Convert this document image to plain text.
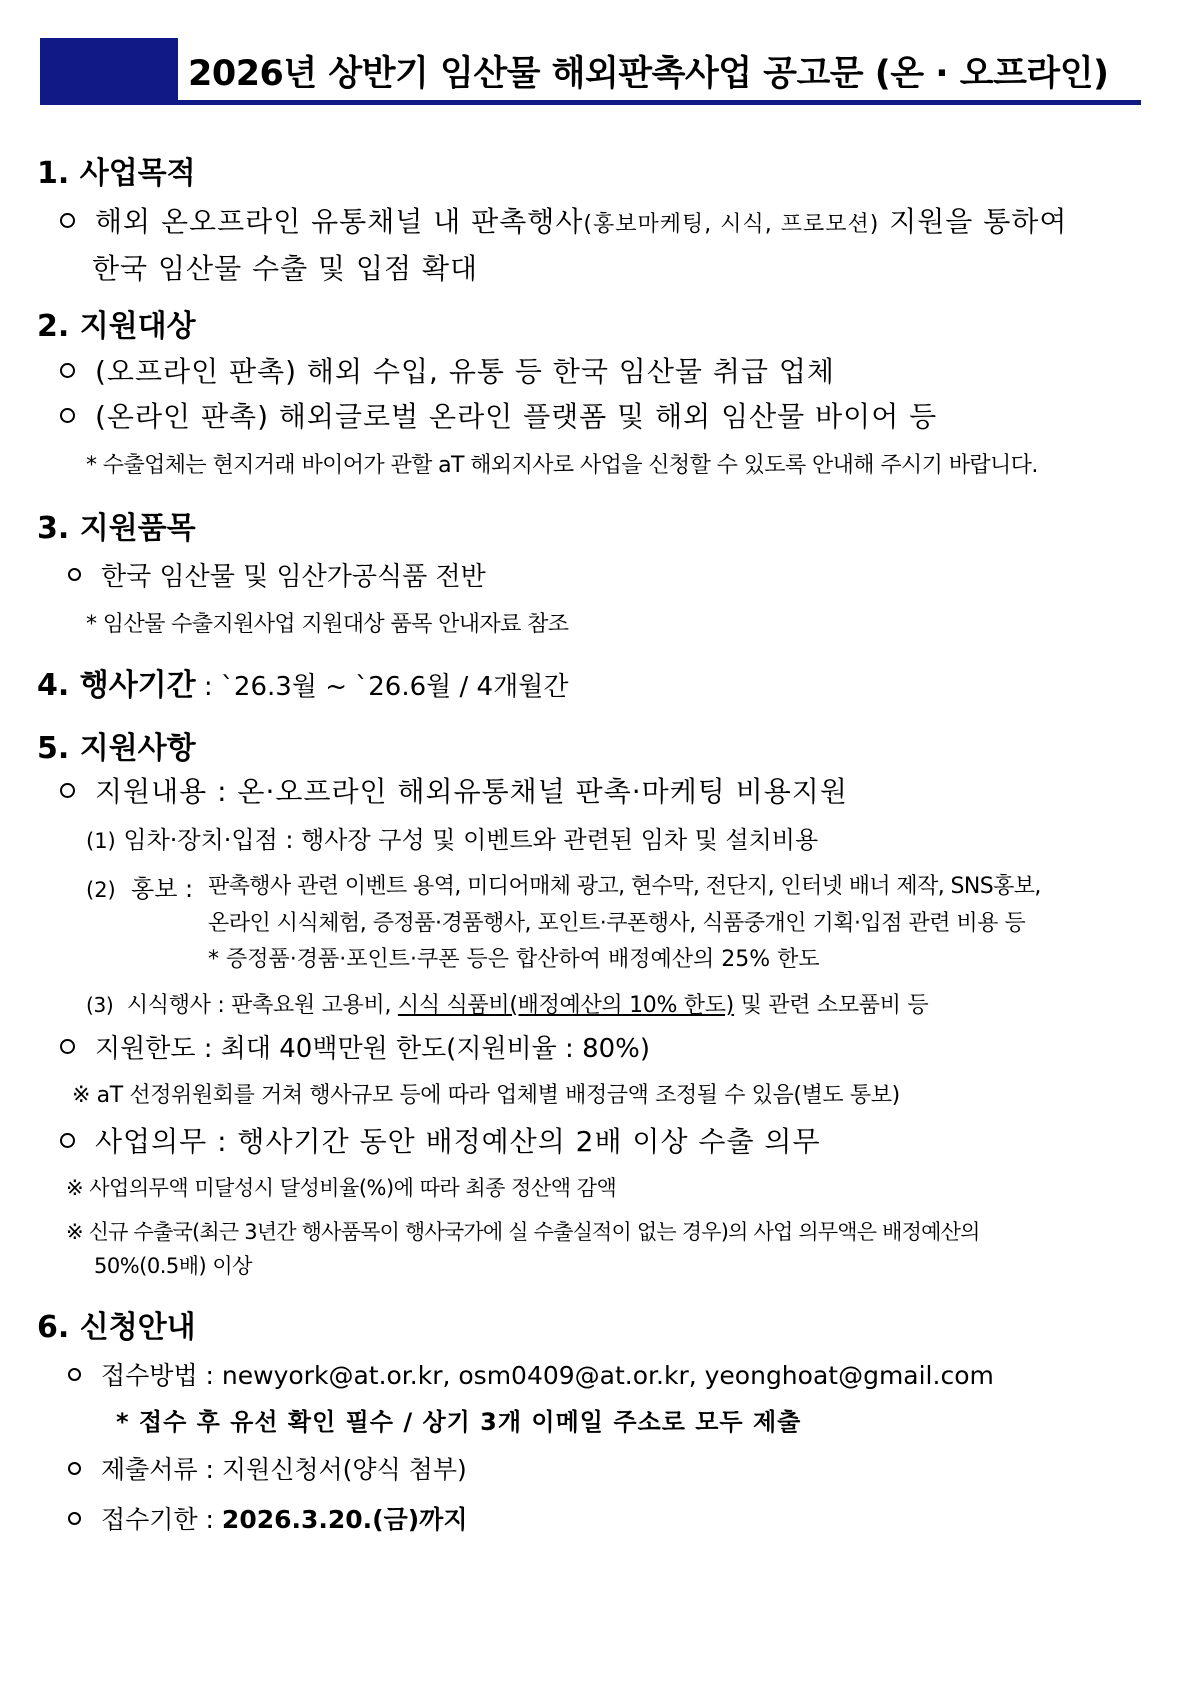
2026년 상반기 임산물 해외판촉사업 공고문 (온 · 오프라인)
1. 사업목적
해외 온오프라인 유통채널 내 판촉행사(홍보마케팅, 시식, 프로모션) 지원을 통하여
한국 임산물 수출 및 입점 확대
2. 지원대상
(오프라인 판촉) 해외 수입, 유통 등 한국 임산물 취급 업체
(온라인 판촉) 해외글로벌 온라인 플랫폼 및 해외 임산물 바이어 등
* 수출업체는 현지거래 바이어가 관할 aT 해외지사로 사업을 신청할 수 있도록 안내해 주시기 바랍니다.
3. 지원품목
한국 임산물 및 임산가공식품 전반
* 임산물 수출지원사업 지원대상 품목 안내자료 참조
4. 행사기간 : `26.3월 ~ `26.6월 / 4개월간
5. 지원사항
지원내용 : 온·오프라인 해외유통채널 판촉·마케팅 비용지원
(1) 임차·장치·입점 : 행사장 구성 및 이벤트와 관련된 임차 및 설치비용
(2) 홍보 : 판촉행사 관련 이벤트 용역, 미디어매체 광고, 현수막, 전단지, 인터넷 배너 제작, SNS홍보,
온라인 시식체험, 증정품·경품행사, 포인트·쿠폰행사, 식품중개인 기획·입점 관련 비용 등
* 증정품·경품·포인트·쿠폰 등은 합산하여 배정예산의 25% 한도
(3) 시식행사 : 판촉요원 고용비, 시식 식품비(배정예산의 10% 한도) 및 관련 소모품비 등
지원한도 : 최대 40백만원 한도(지원비율 : 80%)
※ aT 선정위원회를 거쳐 행사규모 등에 따라 업체별 배정금액 조정될 수 있음(별도 통보)
사업의무 : 행사기간 동안 배정예산의 2배 이상 수출 의무
※ 사업의무액 미달성시 달성비율(%)에 따라 최종 정산액 감액
※ 신규 수출국(최근 3년간 행사품목이 행사국가에 실 수출실적이 없는 경우)의 사업 의무액은 배정예산의
50%(0.5배) 이상
6. 신청안내
접수방법 : newyork@at.or.kr, osm0409@at.or.kr, yeonghoat@gmail.com
* 접수 후 유선 확인 필수 / 상기 3개 이메일 주소로 모두 제출
제출서류 : 지원신청서(양식 첨부)
접수기한 : 2026.3.20.(금)까지
